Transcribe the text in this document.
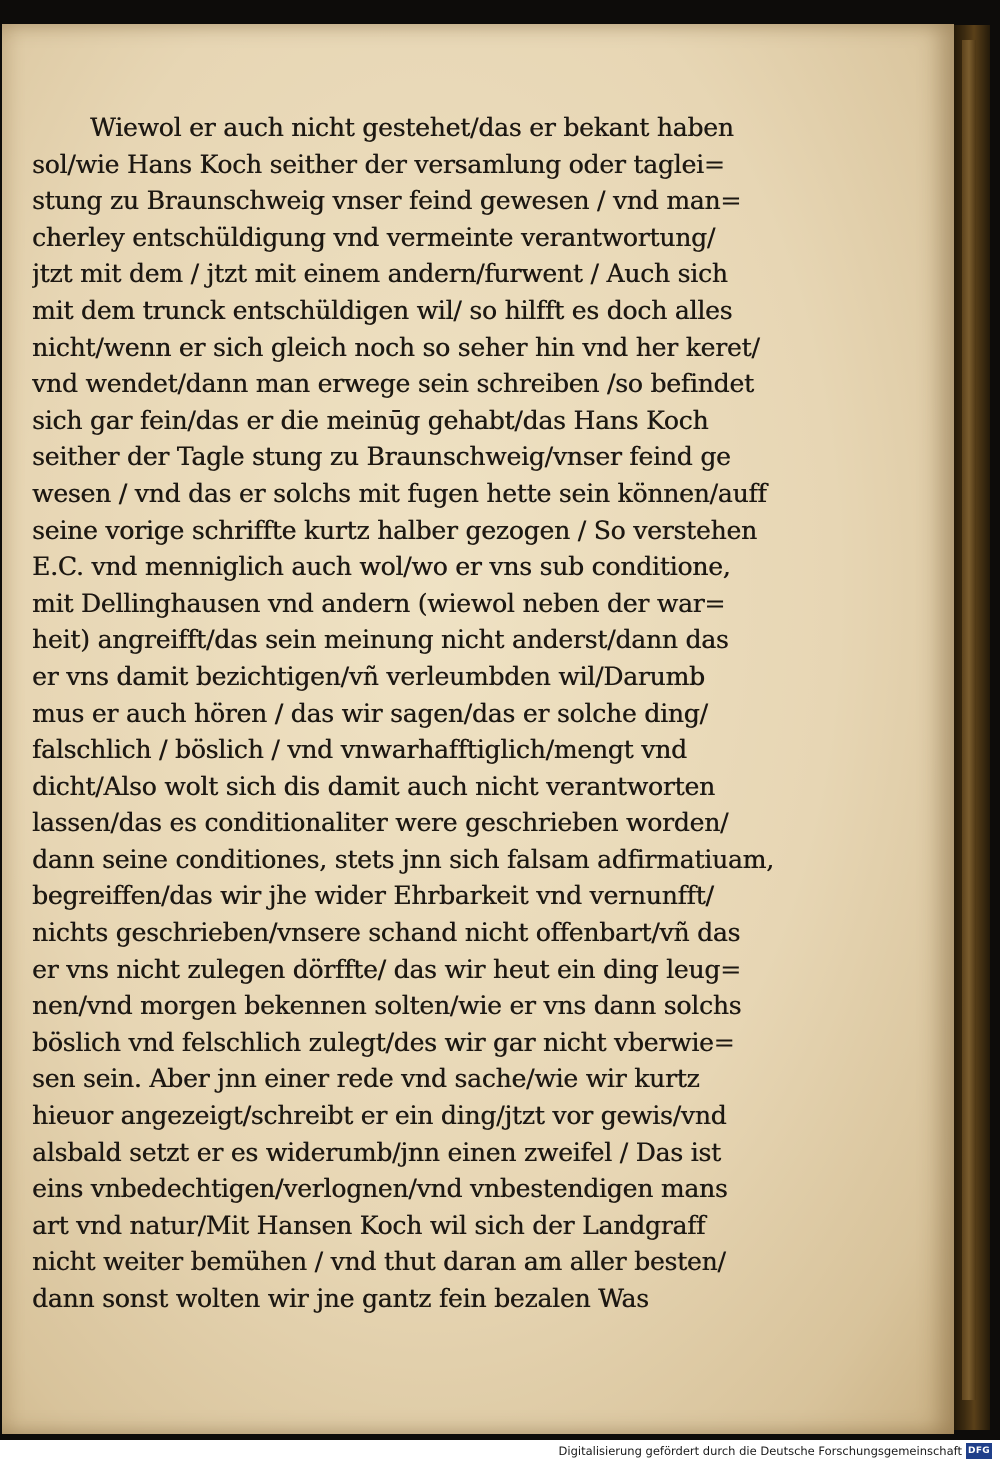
Wiewol er auch nicht gestehet/das er bekant haben
sol/wie Hans Koch seither der versamlung oder taglei=
stung zu Braunschweig vnser feind gewesen / vnd man=
cherley entschüldigung vnd vermeinte verantwortung/
jtzt mit dem / jtzt mit einem andern/furwent / Auch sich
mit dem trunck entschüldigen wil/ so hilfft es doch alles
nicht/wenn er sich gleich noch so seher hin vnd her keret/
vnd wendet/dann man erwege sein schreiben /so befindet
sich gar fein/das er die meinūg gehabt/das Hans Koch
seither der Tagle stung zu Braunschweig/vnser feind ge
wesen / vnd das er solchs mit fugen hette sein können/auff
seine vorige schriffte kurtz halber gezogen / So verstehen
E.C. vnd menniglich auch wol/wo er vns sub conditione,
mit Dellinghausen vnd andern (wiewol neben der war=
heit) angreifft/das sein meinung nicht anderst/dann das
er vns damit bezichtigen/vñ verleumbden wil/Darumb
mus er auch hören / das wir sagen/das er solche ding/
falschlich / böslich / vnd vnwarhafftiglich/mengt vnd
dicht/Also wolt sich dis damit auch nicht verantworten
lassen/das es conditionaliter were geschrieben worden/
dann seine conditiones, stets jnn sich falsam adfirmatiuam,
begreiffen/das wir jhe wider Ehrbarkeit vnd vernunfft/
nichts geschrieben/vnsere schand nicht offenbart/vñ das
er vns nicht zulegen dörffte/ das wir heut ein ding leug=
nen/vnd morgen bekennen solten/wie er vns dann solchs
böslich vnd felschlich zulegt/des wir gar nicht vberwie=
sen sein. Aber jnn einer rede vnd sache/wie wir kurtz
hieuor angezeigt/schreibt er ein ding/jtzt vor gewis/vnd
alsbald setzt er es widerumb/jnn einen zweifel / Das ist
eins vnbedechtigen/verlognen/vnd vnbestendigen mans
art vnd natur/Mit Hansen Koch wil sich der Landgraff
nicht weiter bemühen / vnd thut daran am aller besten/
dann sonst wolten wir jne gantz fein bezalen Was
Digitalisierung gefördert durch die Deutsche Forschungsgemeinschaft DFG
